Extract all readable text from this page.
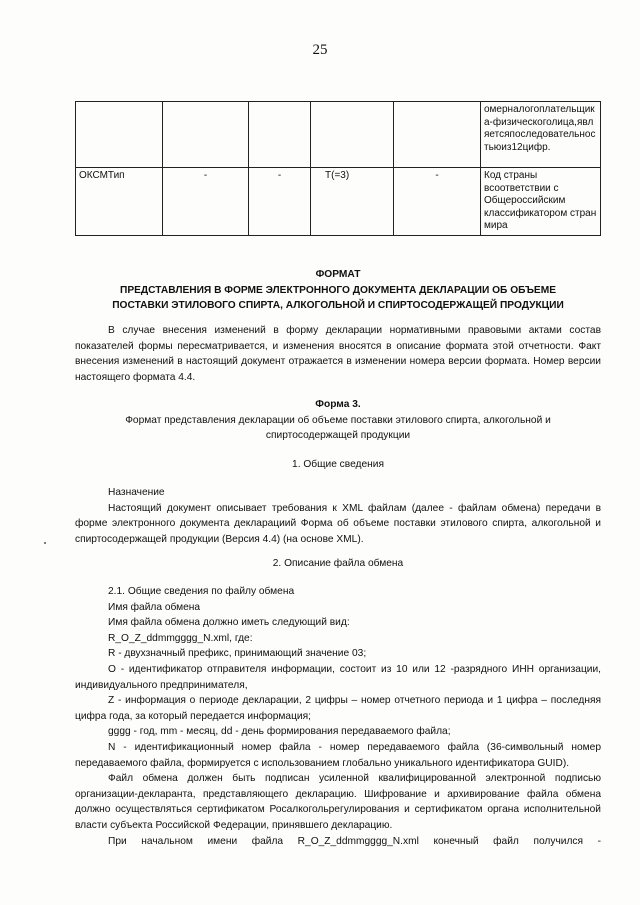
25
					омерналогоплательщика-физическоголица,являетсяпоследовательностьюиз12цифр.
ОКСМТип	-	-	T(=3)	-	Код страны всоответствии с Общероссийским классификатором стран мира

ФОРМАТ

ПРЕДСТАВЛЕНИЯ В ФОРМЕ ЭЛЕКТРОННОГО ДОКУМЕНТА ДЕКЛАРАЦИИ ОБ ОБЪЕМЕ ПОСТАВКИ ЭТИЛОВОГО СПИРТА, АЛКОГОЛЬНОЙ И СПИРТОСОДЕРЖАЩЕЙ ПРОДУКЦИИ

В случае внесения изменений в форму декларации нормативными правовыми актами состав показателей формы пересматривается, и изменения вносятся в описание формата этой отчетности. Факт внесения изменений в настоящий документ отражается в изменении номера версии формата. Номер версии настоящего формата 4.4.

Форма 3.

Формат представления декларации об объеме поставки этилового спирта, алкогольной и спиртосодержащей продукции

1. Общие сведения

Назначение

Настоящий документ описывает требования к XML файлам (далее - файлам обмена) передачи в форме электронного документа декларациий Форма об объеме поставки этилового спирта, алкогольной и спиртосодержащей продукции (Версия 4.4) (на основе XML).

2. Описание файла обмена

2.1. Общие сведения по файлу обмена

Имя файла обмена

Имя файла обмена должно иметь следующий вид:

R_O_Z_ddmmgggg_N.xml, где:

R - двухзначный префикс, принимающий значение 03;

О - идентификатор отправителя информации, состоит из 10 или 12 -разрядного ИНН организации, индивидуального предпринимателя,

Z - информация о периоде декларации, 2 цифры – номер отчетного периода и 1 цифра – последняя цифра года, за который передается информация;

gggg - год, mm - месяц, dd - день формирования передаваемого файла;

N - идентификационный номер файла - номер передаваемого файла (36-символьный номер передаваемого файла, формируется с использованием глобально уникального идентификатора GUID).

Файл обмена должен быть подписан усиленной квалифицированной электронной подписью организации-декларанта, представляющего декларацию. Шифрование и архивирование файла обмена должно осуществляться сертификатом Росалкогольрегулирования и сертификатом органа исполнительной власти субъекта Российской Федерации, принявшего декларацию.

При начальном имени файла R_O_Z_ddmmgggg_N.xml конечный файл получился -
